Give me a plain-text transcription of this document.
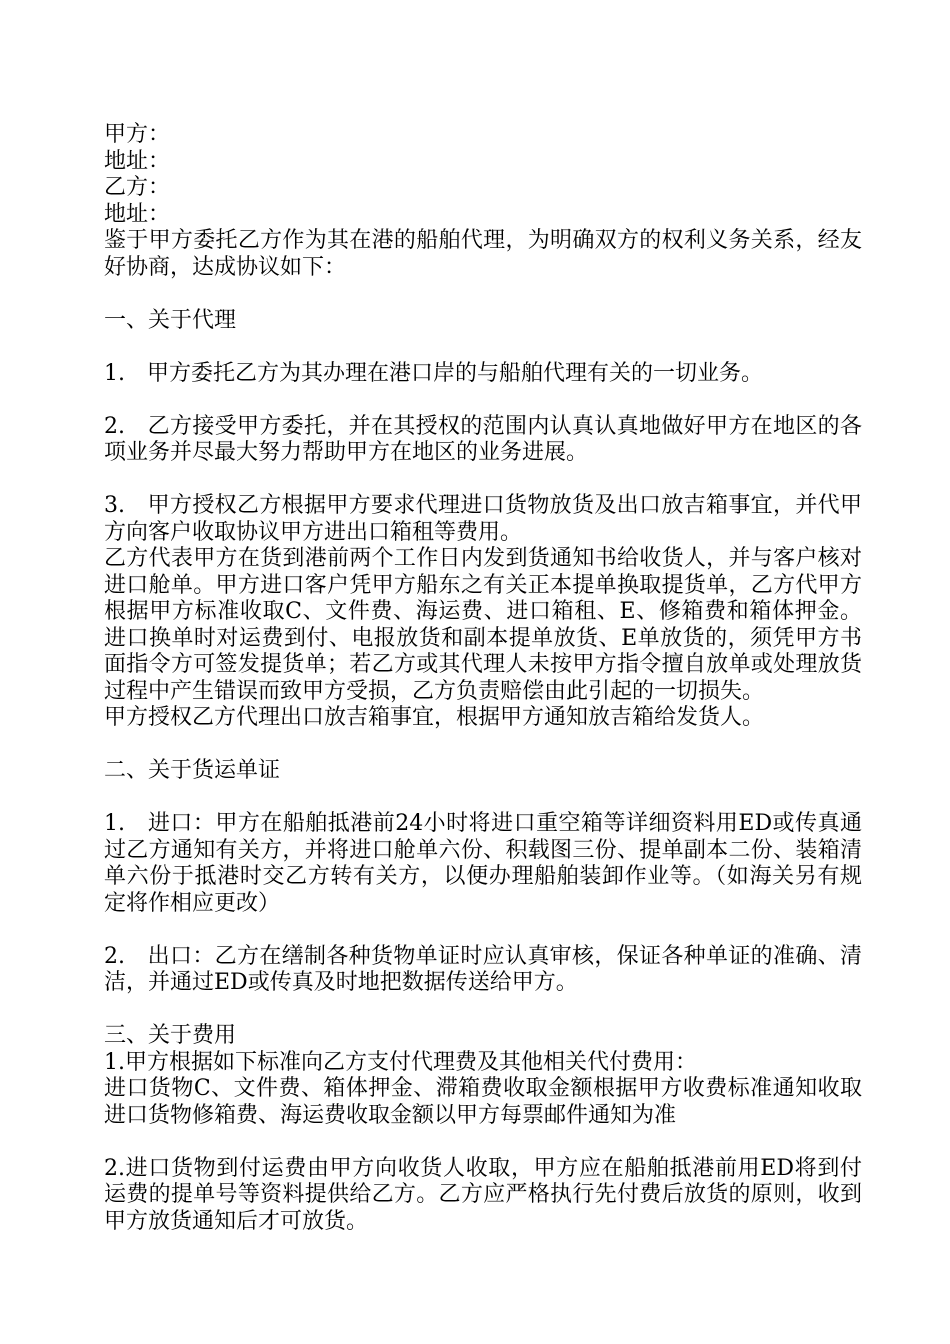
甲方：
地址：
乙方：
地址：

鉴于甲方委托乙方作为其在港的船舶代理，为明确双方的权利义务关系，经友好协商，达成协议如下：

一、关于代理

1.　甲方委托乙方为其办理在港口岸的与船舶代理有关的一切业务。

2.　乙方接受甲方委托，并在其授权的范围内认真认真地做好甲方在地区的各项业务并尽最大努力帮助甲方在地区的业务进展。

3.　甲方授权乙方根据甲方要求代理进口货物放货及出口放吉箱事宜，并代甲方向客户收取协议甲方进出口箱租等费用。

乙方代表甲方在货到港前两个工作日内发到货通知书给收货人，并与客户核对进口舱单。甲方进口客户凭甲方船东之有关正本提单换取提货单，乙方代甲方根据甲方标准收取C、文件费、海运费、进口箱租、E、修箱费和箱体押金。进口换单时对运费到付、电报放货和副本提单放货、E单放货的，须凭甲方书面指令方可签发提货单；若乙方或其代理人未按甲方指令擅自放单或处理放货过程中产生错误而致甲方受损，乙方负责赔偿由此引起的一切损失。

甲方授权乙方代理出口放吉箱事宜，根据甲方通知放吉箱给发货人。

二、关于货运单证

1.　进口：甲方在船舶抵港前24小时将进口重空箱等详细资料用ED或传真通过乙方通知有关方，并将进口舱单六份、积载图三份、提单副本二份、装箱清单六份于抵港时交乙方转有关方，以便办理船舶装卸作业等。（如海关另有规定将作相应更改）

2.　出口：乙方在缮制各种货物单证时应认真审核，保证各种单证的准确、清洁，并通过ED或传真及时地把数据传送给甲方。

三、关于费用

1.甲方根据如下标准向乙方支付代理费及其他相关代付费用：

进口货物C、文件费、箱体押金、滞箱费收取金额根据甲方收费标准通知收取 进口货物修箱费、海运费收取金额以甲方每票邮件通知为准

2.进口货物到付运费由甲方向收货人收取，甲方应在船舶抵港前用ED将到付运费的提单号等资料提供给乙方。乙方应严格执行先付费后放货的原则，收到甲方放货通知后才可放货。
